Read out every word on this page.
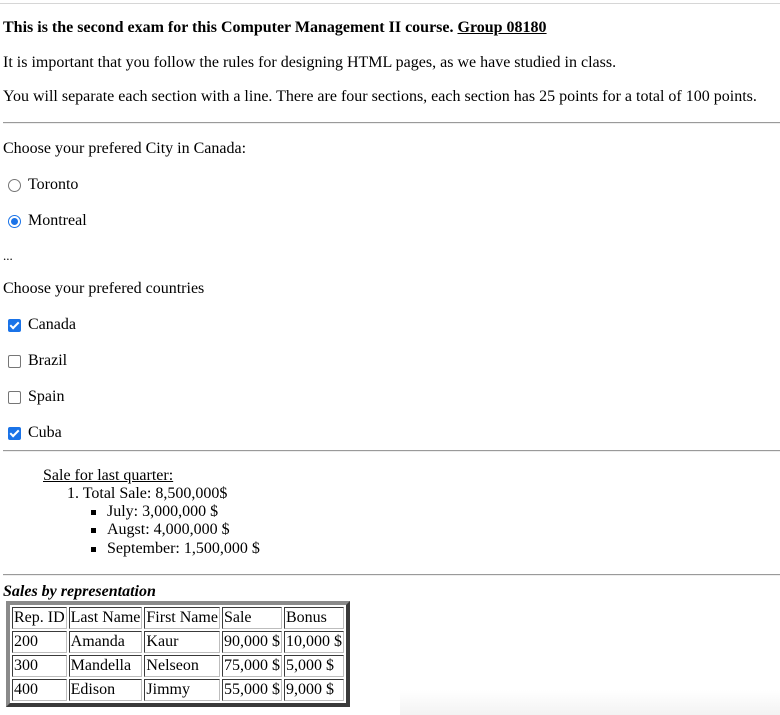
This is the second exam for this Computer Management II course. Group 08180
It is important that you follow the rules for designing HTML pages, as we have studied in class.
You will separate each section with a line. There are four sections, each section has 25 points for a total of 100 points.
Choose your prefered City in Canada:
Toronto
Montreal
...
Choose your prefered countries
Canada
Brazil
Spain
Cuba
Sale for last quarter:
1. Total Sale: 8,500,000$
July: 3,000,000 $
Augst: 4,000,000 $
September: 1,500,000 $
Sales by representation
Rep. ID	Last Name	First Name	Sale	Bonus
200	Amanda	Kaur	90,000 $	10,000 $
300	Mandella	Nelseon	75,000 $	5,000 $
400	Edison	Jimmy	55,000 $	9,000 $
